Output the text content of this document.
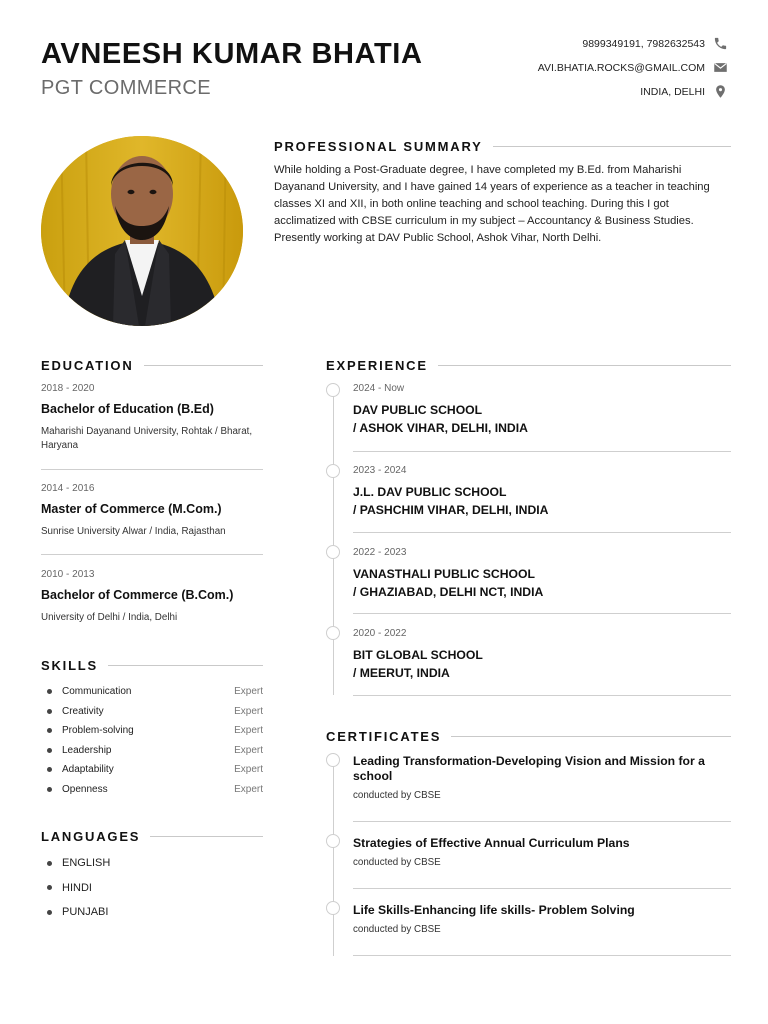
AVNEESH KUMAR BHATIA
PGT COMMERCE
9899349191, 7982632543
AVI.BHATIA.ROCKS@GMAIL.COM
INDIA, DELHI
PROFESSIONAL SUMMARY

While holding a Post-Graduate degree, I have completed my B.Ed. from Maharishi Dayanand University, and I have gained 14 years of experience as a teacher in teaching classes XI and XII, in both online teaching and school teaching. During this I got acclimatized with CBSE curriculum in my subject – Accountancy & Business Studies. Presently working at DAV Public School, Ashok Vihar, North Delhi.

EDUCATION
2018 - 2020
Bachelor of Education (B.Ed)
Maharishi Dayanand University, Rohtak / Bharat, Haryana
2014 - 2016
Master of Commerce (M.Com.)
Sunrise University Alwar / India, Rajasthan
2010 - 2013
Bachelor of Commerce (B.Com.)
University of Delhi / India, Delhi
SKILLS
Communication	Expert
Creativity	Expert
Problem-solving	Expert
Leadership	Expert
Adaptability	Expert
Openness	Expert
LANGUAGES
ENGLISH
HINDI
PUNJABI
EXPERIENCE
2024 - Now
DAV PUBLIC SCHOOL
/ ASHOK VIHAR, DELHI, INDIA
2023 - 2024
J.L. DAV PUBLIC SCHOOL
/ PASHCHIM VIHAR, DELHI, INDIA
2022 - 2023
VANASTHALI PUBLIC SCHOOL
/ GHAZIABAD, DELHI NCT, INDIA
2020 - 2022
BIT GLOBAL SCHOOL
/ MEERUT, INDIA
CERTIFICATES
Leading Transformation-Developing Vision and Mission for a school
conducted by CBSE
Strategies of Effective Annual Curriculum Plans
conducted by CBSE
Life Skills-Enhancing life skills- Problem Solving
conducted by CBSE
